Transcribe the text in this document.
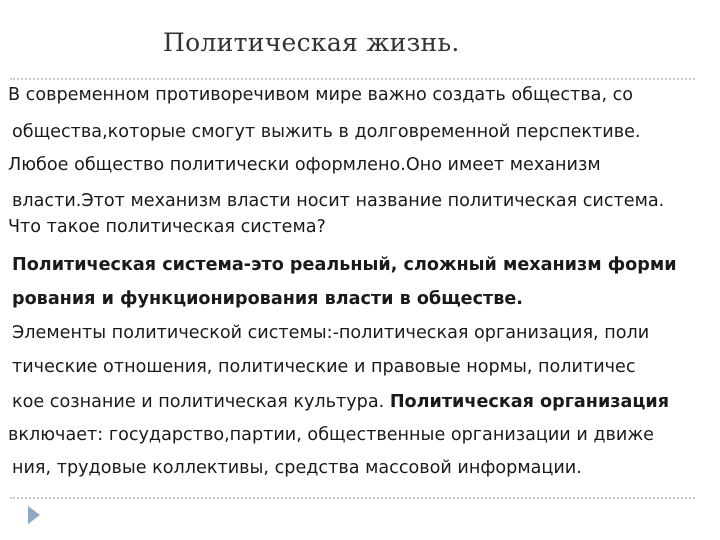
Политическая жизнь.
В современном противоречивом мире важно создать общества, со
общества,которые смогут выжить в долговременной перспективе.
Любое общество политически оформлено.Оно имеет механизм
власти.Этот механизм власти носит название политическая система.
Что такое политическая система?
Политическая система-это реальный, сложный механизм форми
рования и функционирования власти в обществе.
Элементы политической системы:-политическая организация, поли
тические отношения, политические и правовые нормы, политичес
кое сознание и политическая культура. Политическая организация
включает: государство,партии, общественные организации и движе
ния, трудовые коллективы, средства массовой информации.
